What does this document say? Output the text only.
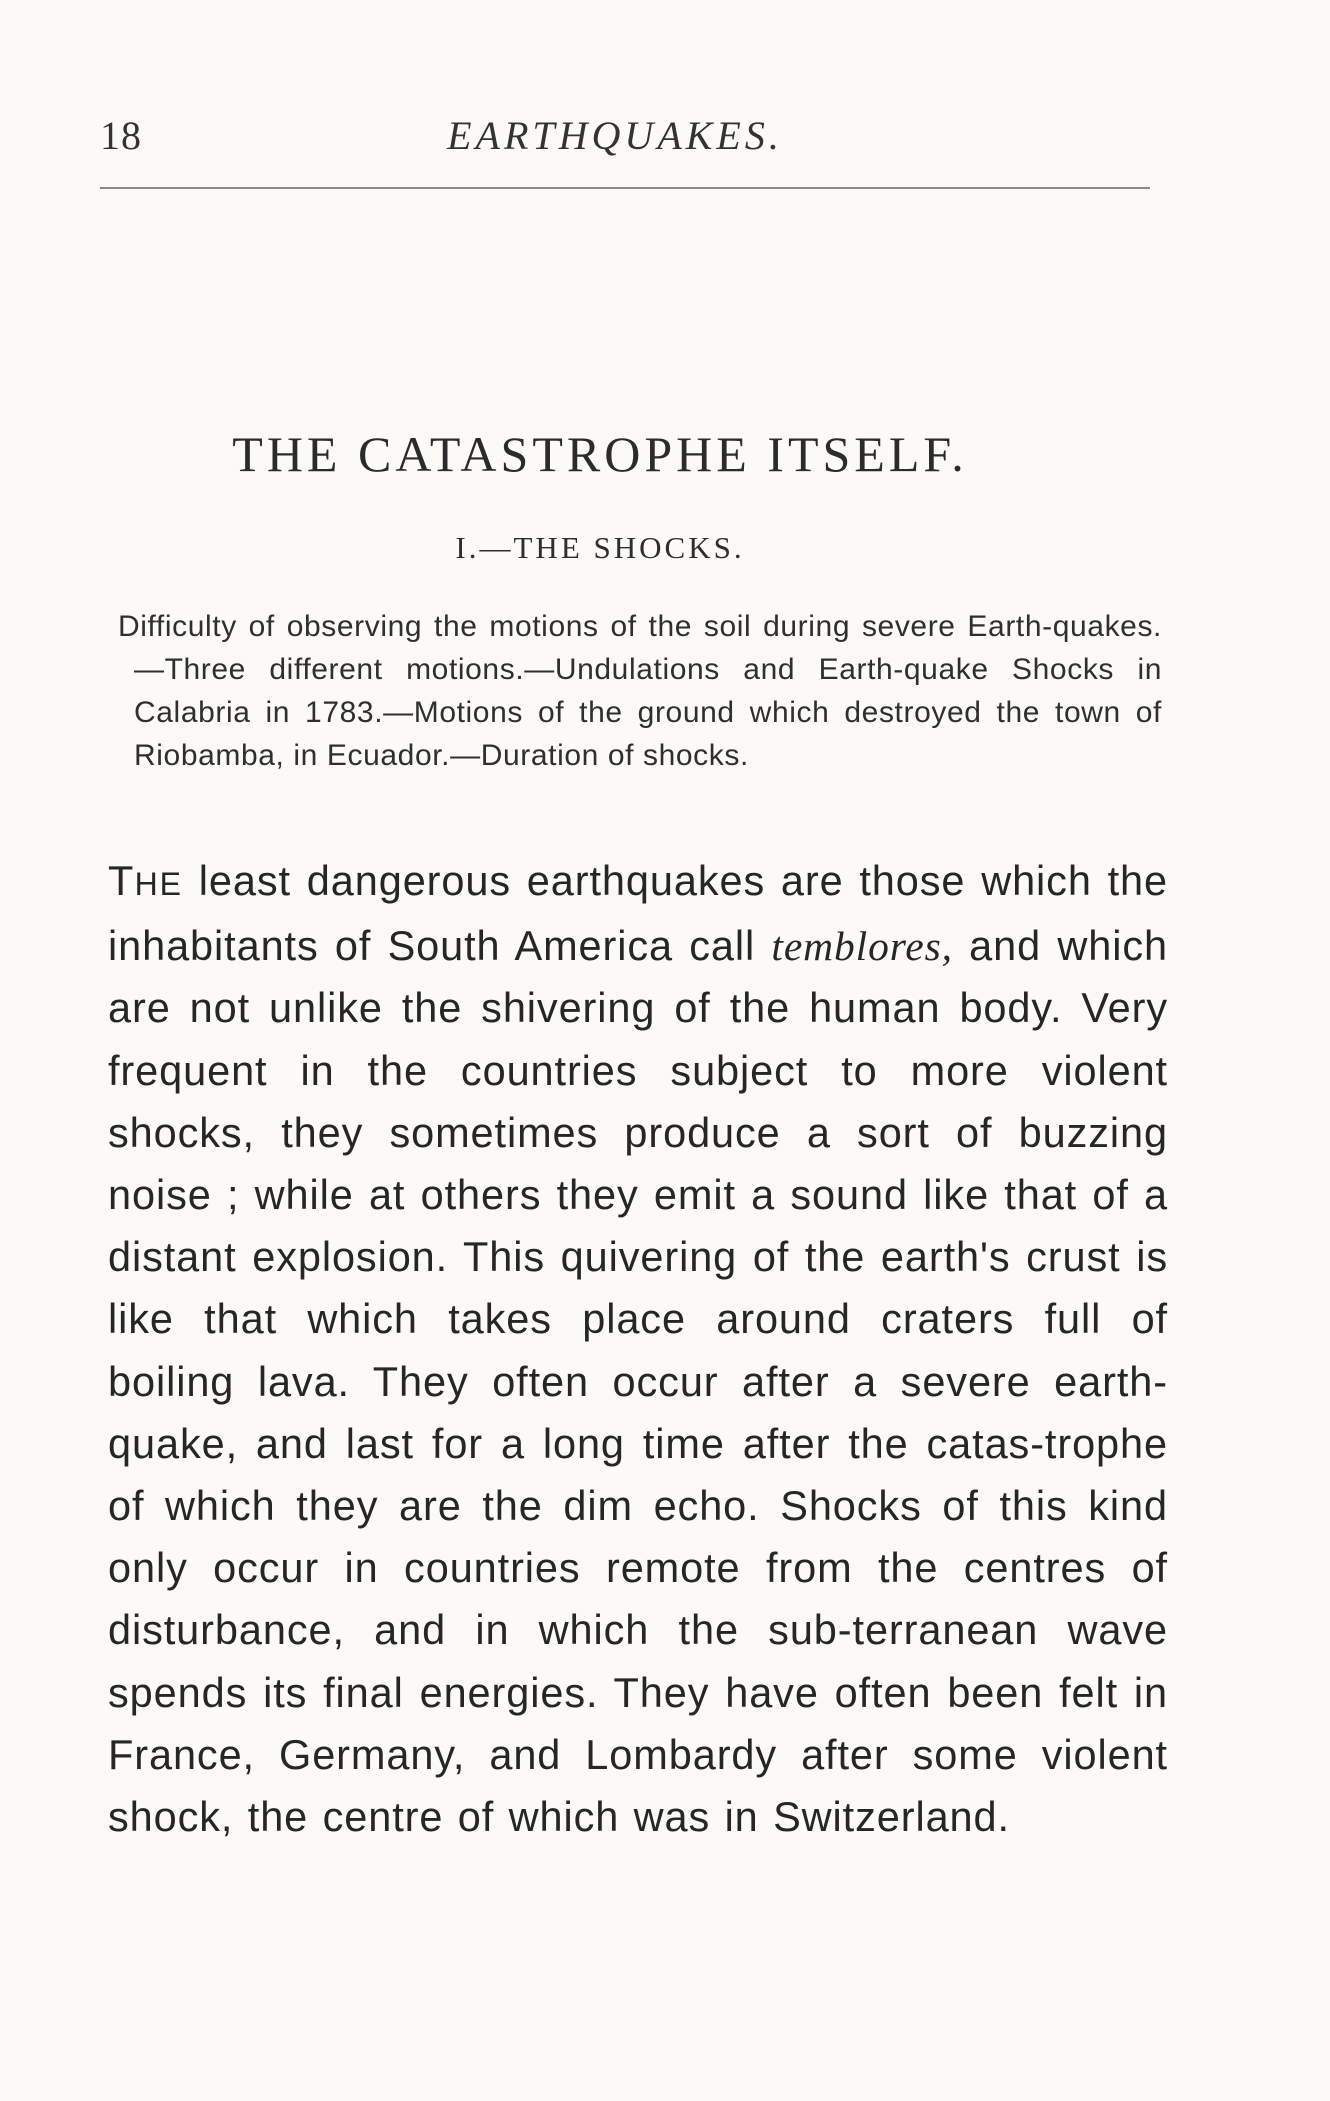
18	EARTHQUAKES.
THE CATASTROPHE ITSELF.
I.—THE SHOCKS.
Difficulty of observing the motions of the soil during severe Earth-quakes.—Three different motions.—Undulations and Earth-quake Shocks in Calabria in 1783.—Motions of the ground which destroyed the town of Riobamba, in Ecuador.—Duration of shocks.
THE least dangerous earthquakes are those which the inhabitants of South America call temblores, and which are not unlike the shivering of the human body. Very frequent in the countries subject to more violent shocks, they sometimes produce a sort of buzzing noise ; while at others they emit a sound like that of a distant explosion. This quivering of the earth's crust is like that which takes place around craters full of boiling lava. They often occur after a severe earth-quake, and last for a long time after the catas-trophe of which they are the dim echo. Shocks of this kind only occur in countries remote from the centres of disturbance, and in which the sub-terranean wave spends its final energies. They have often been felt in France, Germany, and Lombardy after some violent shock, the centre of which was in Switzerland.
